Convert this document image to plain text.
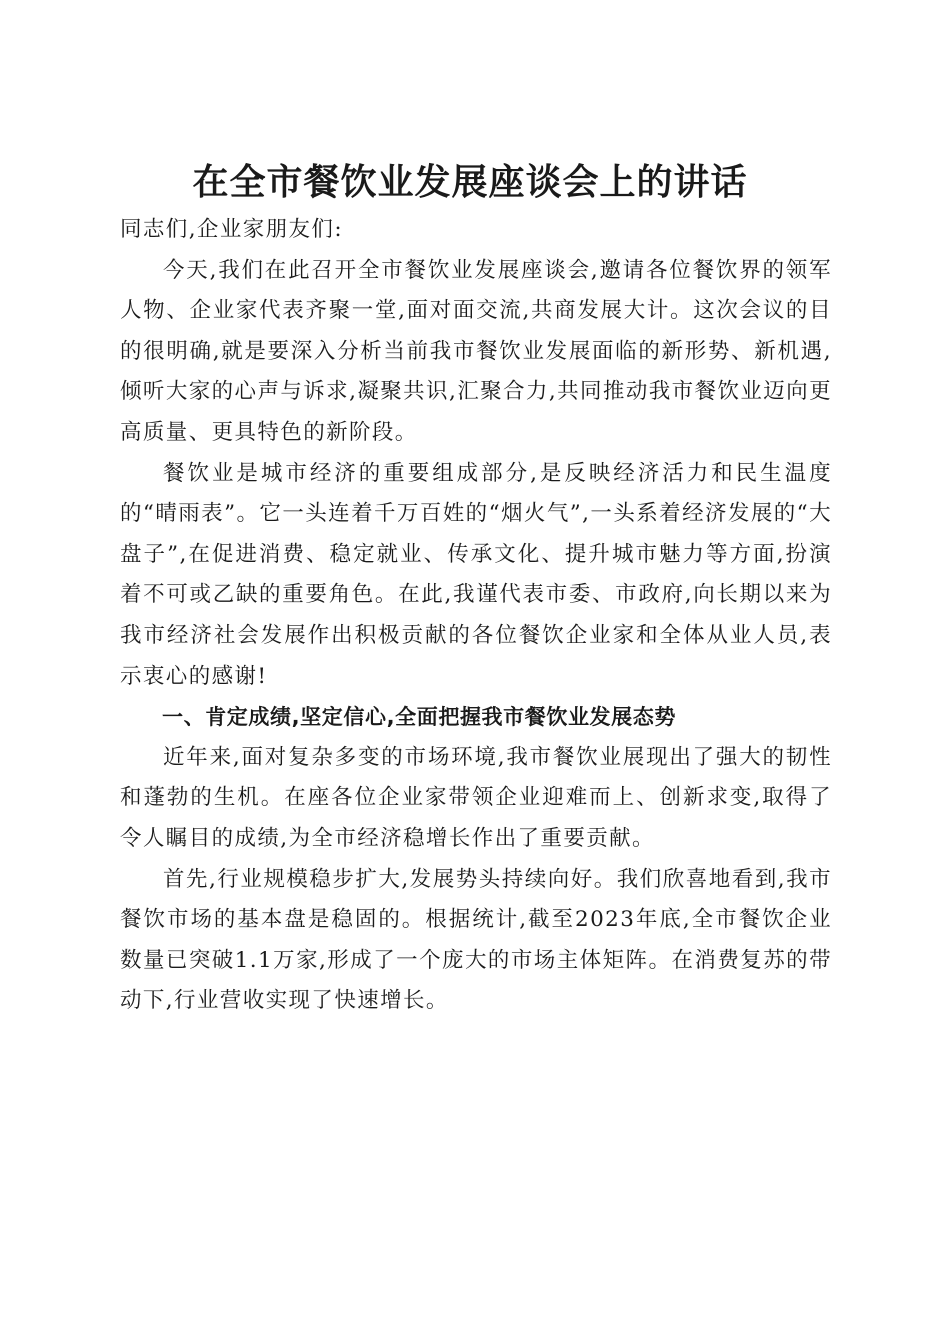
在全市餐饮业发展座谈会上的讲话

同志们,企业家朋友们:

今天,我们在此召开全市餐饮业发展座谈会,邀请各位餐饮界的领军人物、企业家代表齐聚一堂,面对面交流,共商发展大计。这次会议的目的很明确,就是要深入分析当前我市餐饮业发展面临的新形势、新机遇,倾听大家的心声与诉求,凝聚共识,汇聚合力,共同推动我市餐饮业迈向更高质量、更具特色的新阶段。

餐饮业是城市经济的重要组成部分,是反映经济活力和民生温度的“晴雨表”。它一头连着千万百姓的“烟火气”,一头系着经济发展的“大盘子”,在促进消费、稳定就业、传承文化、提升城市魅力等方面,扮演着不可或乙缺的重要角色。在此,我谨代表市委、市政府,向长期以来为我市经济社会发展作出积极贡献的各位餐饮企业家和全体从业人员,表示衷心的感谢!

一、肯定成绩,坚定信心,全面把握我市餐饮业发展态势

近年来,面对复杂多变的市场环境,我市餐饮业展现出了强大的韧性和蓬勃的生机。在座各位企业家带领企业迎难而上、创新求变,取得了令人瞩目的成绩,为全市经济稳增长作出了重要贡献。

首先,行业规模稳步扩大,发展势头持续向好。我们欣喜地看到,我市餐饮市场的基本盘是稳固的。根据统计,截至2023年底,全市餐饮企业数量已突破1.1万家,形成了一个庞大的市场主体矩阵。在消费复苏的带动下,行业营收实现了快速增长。
